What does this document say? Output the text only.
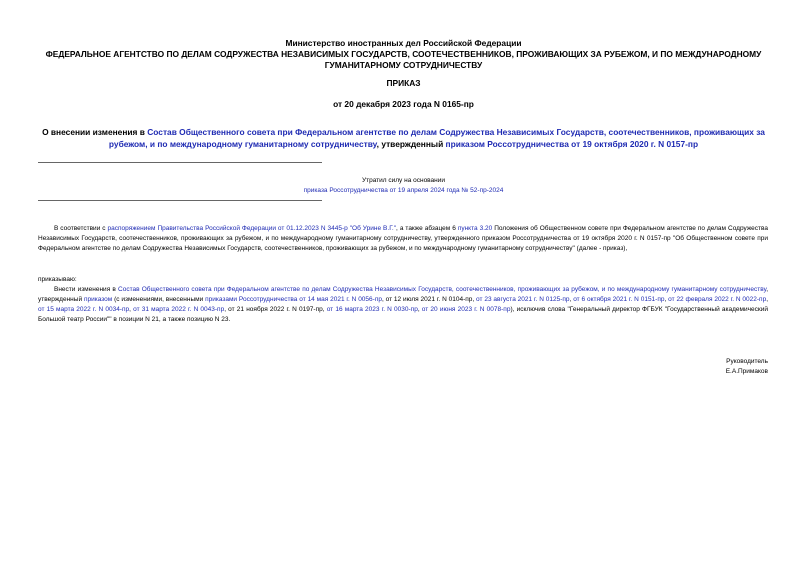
Министерство иностранных дел Российской Федерации
ФЕДЕРАЛЬНОЕ АГЕНТСТВО ПО ДЕЛАМ СОДРУЖЕСТВА НЕЗАВИСИМЫХ ГОСУДАРСТВ, СООТЕЧЕСТВЕННИКОВ, ПРОЖИВАЮЩИХ ЗА РУБЕЖОМ, И ПО МЕЖДУНАРОДНОМУ ГУМАНИТАРНОМУ СОТРУДНИЧЕСТВУ
ПРИКАЗ
от 20 декабря 2023 года N 0165-пр
О внесении изменения в Состав Общественного совета при Федеральном агентстве по делам Содружества Независимых Государств, соотечественников, проживающих за рубежом, и по международному гуманитарному сотрудничеству, утвержденный приказом Россотрудничества от 19 октября 2020 г. N 0157-пр
Утратил силу на основании
приказа Россотрудничества от 19 апреля 2024 года № 52-пр-2024
В соответствии с распоряжением Правительства Российской Федерации от 01.12.2023 N 3445-р "Об Урине В.Г.", а также абзацем 6 пункта 3.20 Положения об Общественном совете при Федеральном агентстве по делам Содружества Независимых Государств, соотечественников, проживающих за рубежом, и по международному гуманитарному сотрудничеству, утвержденного приказом Россотрудничества от 19 октября 2020 г. N 0157-пр "Об Общественном совете при Федеральном агентстве по делам Содружества Независимых Государств, соотечественников, проживающих за рубежом, и по международному гуманитарному сотрудничеству" (далее - приказ),
приказываю:
Внести изменения в Состав Общественного совета при Федеральном агентстве по делам Содружества Независимых Государств, соотечественников, проживающих за рубежом, и по международному гуманитарному сотрудничеству, утвержденный приказом (с изменениями, внесенными приказами Россотрудничества от 14 мая 2021 г. N 0056-пр, от 12 июля 2021 г. N 0104-пр, от 23 августа 2021 г. N 0125-пр, от 6 октября 2021 г. N 0151-пр, от 22 февраля 2022 г. N 0022-пр, от 15 марта 2022 г. N 0034-пр, от 31 марта 2022 г. N 0043-пр, от 21 ноября 2022 г. N 0197-пр, от 16 марта 2023 г. N 0030-пр, от 20 июня 2023 г. N 0078-пр), исключив слова "Генеральный директор ФГБУК "Государственный академический Большой театр России"" в позиции N 21, а также позицию N 23.
Руководитель
Е.А.Примаков
